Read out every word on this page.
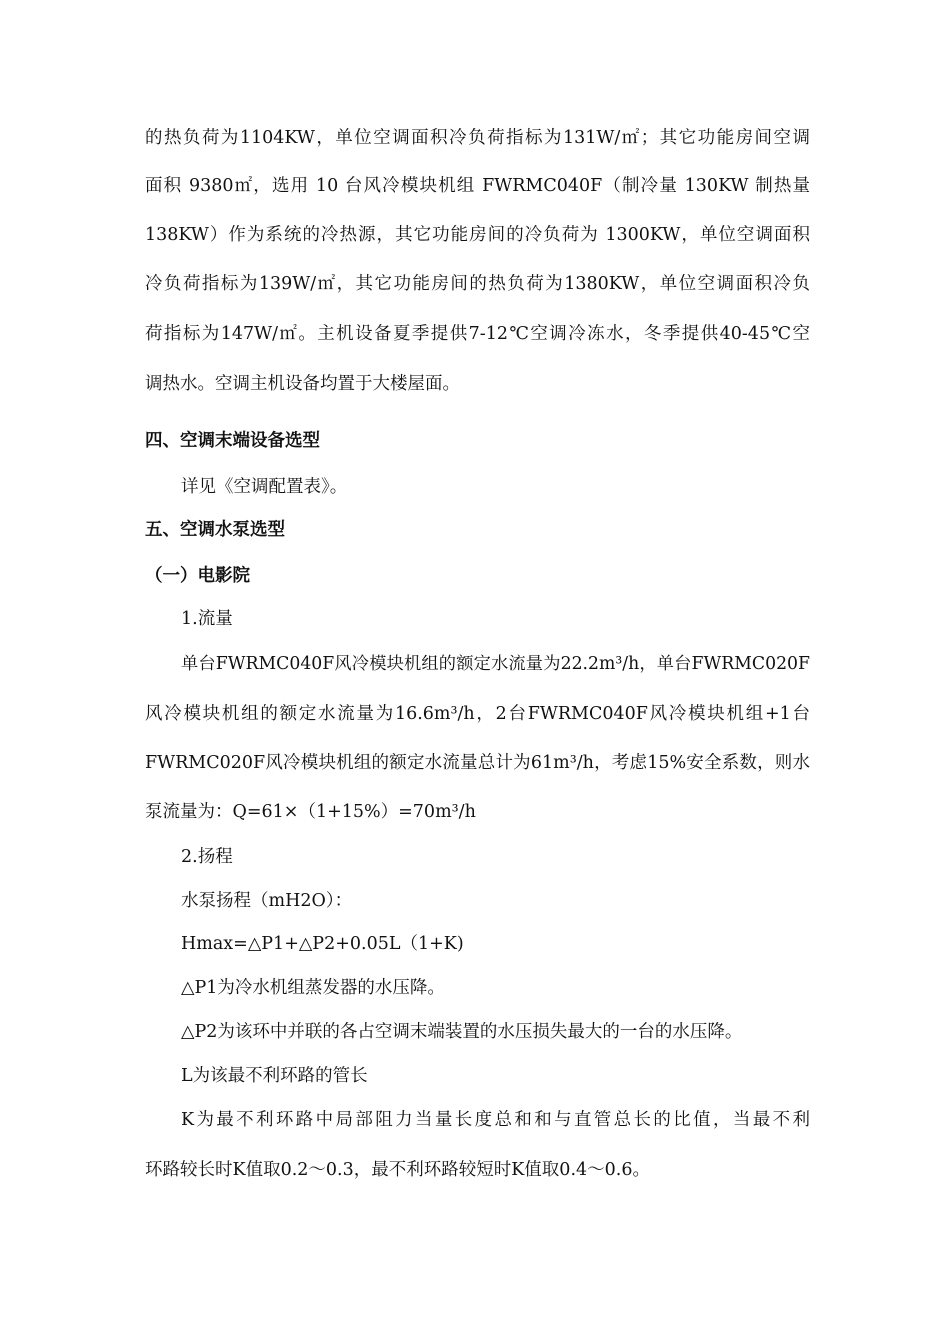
的热负荷为1104KW，单位空调面积冷负荷指标为131W/㎡；其它功能房间空调
面积 9380㎡，选用 10 台风冷模块机组 FWRMC040F（制冷量 130KW 制热量
138KW）作为系统的冷热源，其它功能房间的冷负荷为 1300KW，单位空调面积
冷负荷指标为139W/㎡，其它功能房间的热负荷为1380KW，单位空调面积冷负
荷指标为147W/㎡。主机设备夏季提供7-12℃空调冷冻水，冬季提供40-45℃空
调热水。空调主机设备均置于大楼屋面。
四、空调末端设备选型
详见《空调配置表》。
五、空调水泵选型
（一）电影院
1.流量
单台FWRMC040F风冷模块机组的额定水流量为22.2m³/h，单台FWRMC020F
风冷模块机组的额定水流量为16.6m³/h，2台FWRMC040F风冷模块机组+1台
FWRMC020F风冷模块机组的额定水流量总计为61m³/h，考虑15%安全系数，则水
泵流量为：Q=61×（1+15%）=70m³/h
2.扬程
水泵扬程（mH2O）：
Hmax=△P1+△P2+0.05L（1+K)
△P1为冷水机组蒸发器的水压降。
△P2为该环中并联的各占空调末端装置的水压损失最大的一台的水压降。
L为该最不利环路的管长
K为最不利环路中局部阻力当量长度总和和与直管总长的比值，当最不利
环路较长时K值取0.2～0.3，最不利环路较短时K值取0.4～0.6。
